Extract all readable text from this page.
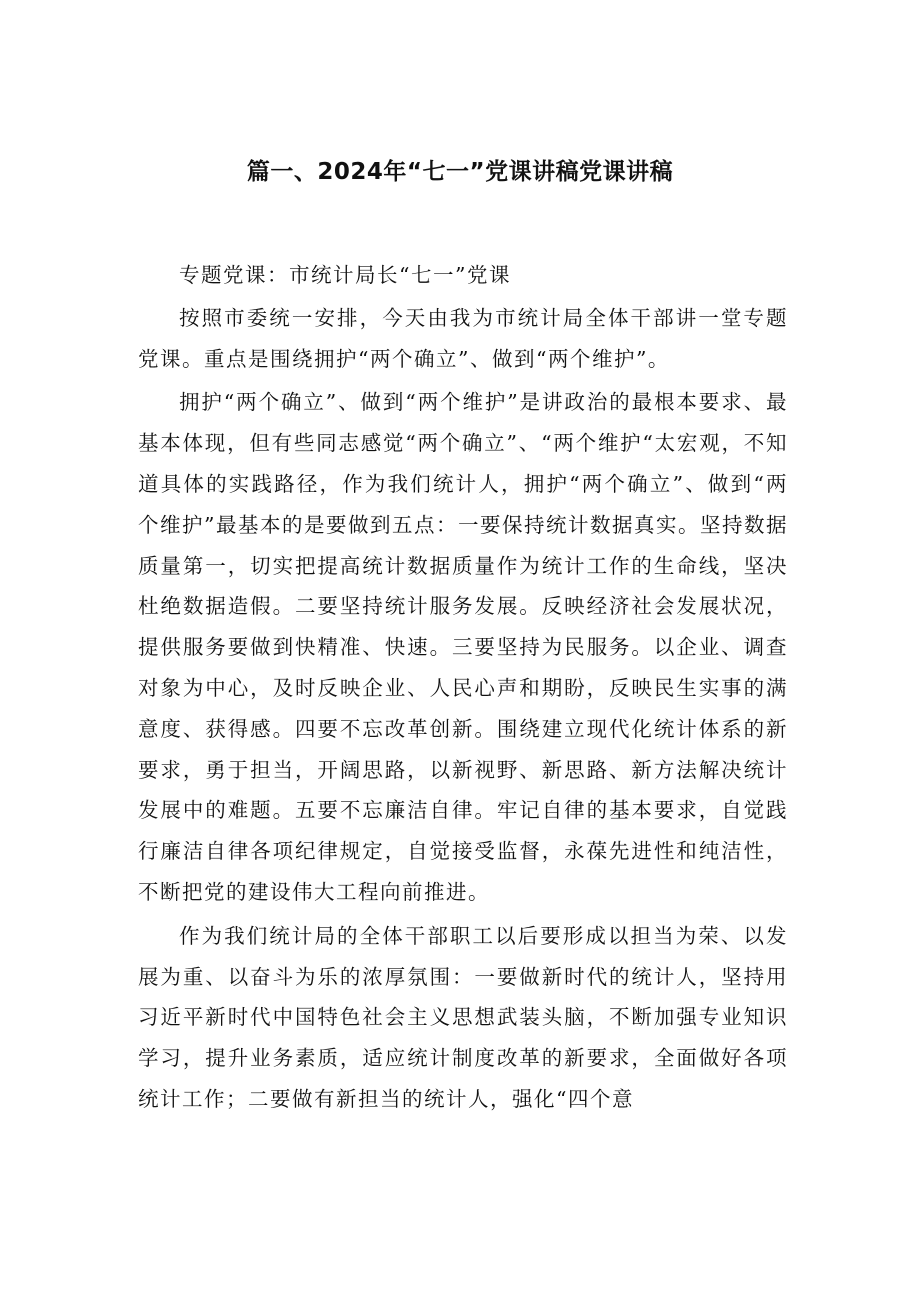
篇一、2024年“七一”党课讲稿党课讲稿

专题党课：市统计局长“七一”党课

按照市委统一安排，今天由我为市统计局全体干部讲一堂专题党课。重点是围绕拥护“两个确立”、做到“两个维护”。

拥护“两个确立”、做到“两个维护”是讲政治的最根本要求、最基本体现，但有些同志感觉“两个确立”、“两个维护“太宏观，不知道具体的实践路径，作为我们统计人，拥护“两个确立”、做到“两个维护”最基本的是要做到五点：一要保持统计数据真实。坚持数据质量第一，切实把提高统计数据质量作为统计工作的生命线，坚决杜绝数据造假。二要坚持统计服务发展。反映经济社会发展状况，提供服务要做到快精准、快速。三要坚持为民服务。以企业、调查对象为中心，及时反映企业、人民心声和期盼，反映民生实事的满意度、获得感。四要不忘改革创新。围绕建立现代化统计体系的新要求，勇于担当，开阔思路，以新视野、新思路、新方法解决统计发展中的难题。五要不忘廉洁自律。牢记自律的基本要求，自觉践行廉洁自律各项纪律规定，自觉接受监督，永葆先进性和纯洁性，不断把党的建设伟大工程向前推进。

作为我们统计局的全体干部职工以后要形成以担当为荣、以发展为重、以奋斗为乐的浓厚氛围：一要做新时代的统计人，坚持用习近平新时代中国特色社会主义思想武装头脑，不断加强专业知识学习，提升业务素质，适应统计制度改革的新要求，全面做好各项统计工作；二要做有新担当的统计人，强化“四个意
